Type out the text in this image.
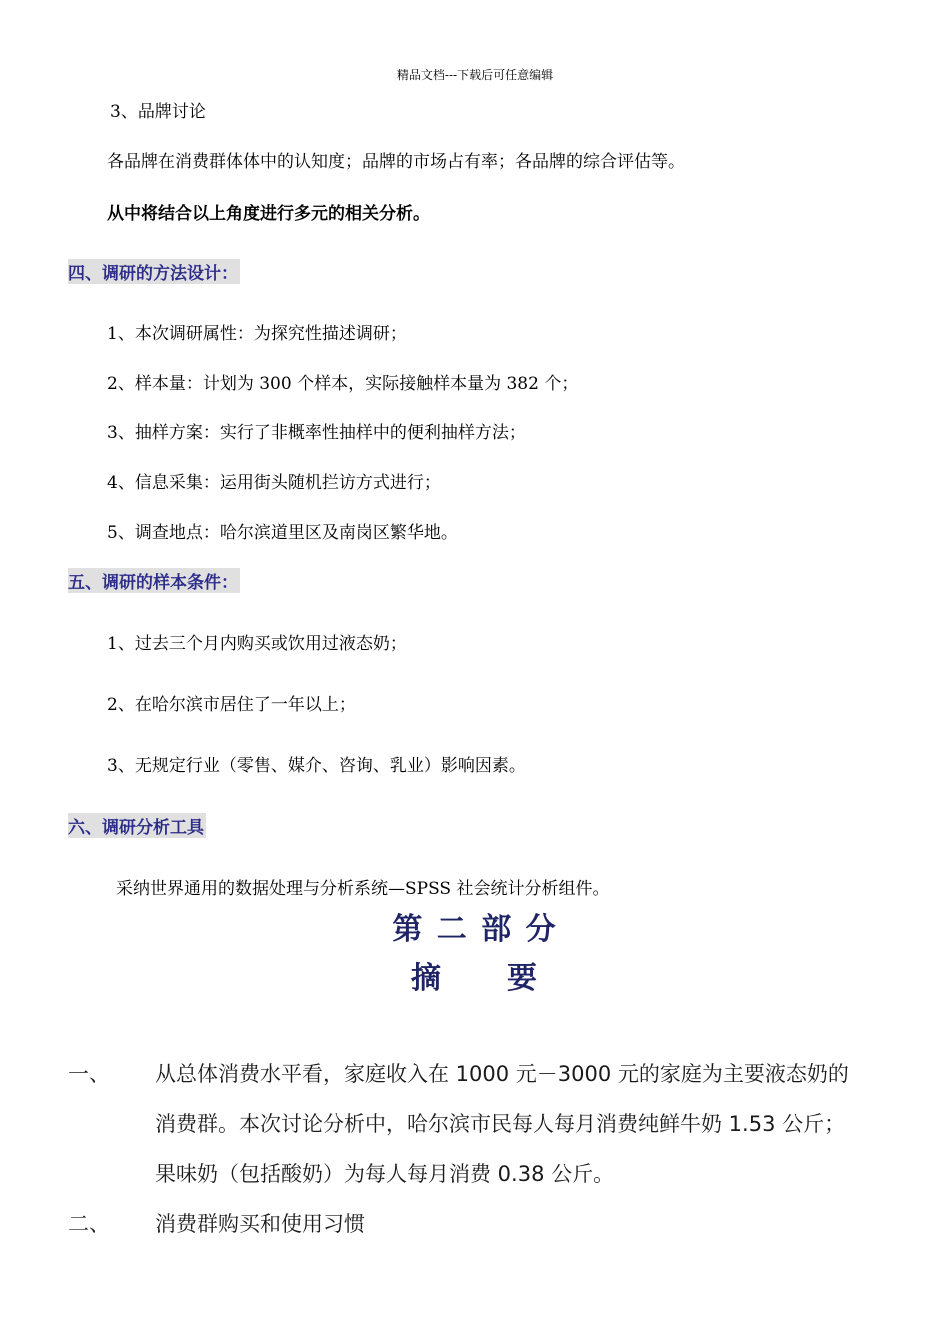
精品文档---下载后可任意编辑
3、品牌讨论
各品牌在消费群体体中的认知度；品牌的市场占有率；各品牌的综合评估等。
从中将结合以上角度进行多元的相关分析。
四、调研的方法设计：
1、本次调研属性：为探究性描述调研；
2、样本量：计划为 300 个样本，实际接触样本量为 382 个；
3、抽样方案：实行了非概率性抽样中的便利抽样方法；
4、信息采集：运用街头随机拦访方式进行；
5、调查地点：哈尔滨道里区及南岗区繁华地。
五、调研的样本条件：
1、过去三个月内购买或饮用过液态奶；
2、在哈尔滨市居住了一年以上；
3、无规定行业（零售、媒介、咨询、乳业）影响因素。
六、调研分析工具
采纳世界通用的数据处理与分析系统—SPSS 社会统计分析组件。
第 二 部 分
摘　　要
一、 从总体消费水平看，家庭收入在 1000 元－3000 元的家庭为主要液态奶的
消费群。本次讨论分析中，哈尔滨市民每人每月消费纯鲜牛奶 1.53 公斤；
果味奶（包括酸奶）为每人每月消费 0.38 公斤。
二、 消费群购买和使用习惯
